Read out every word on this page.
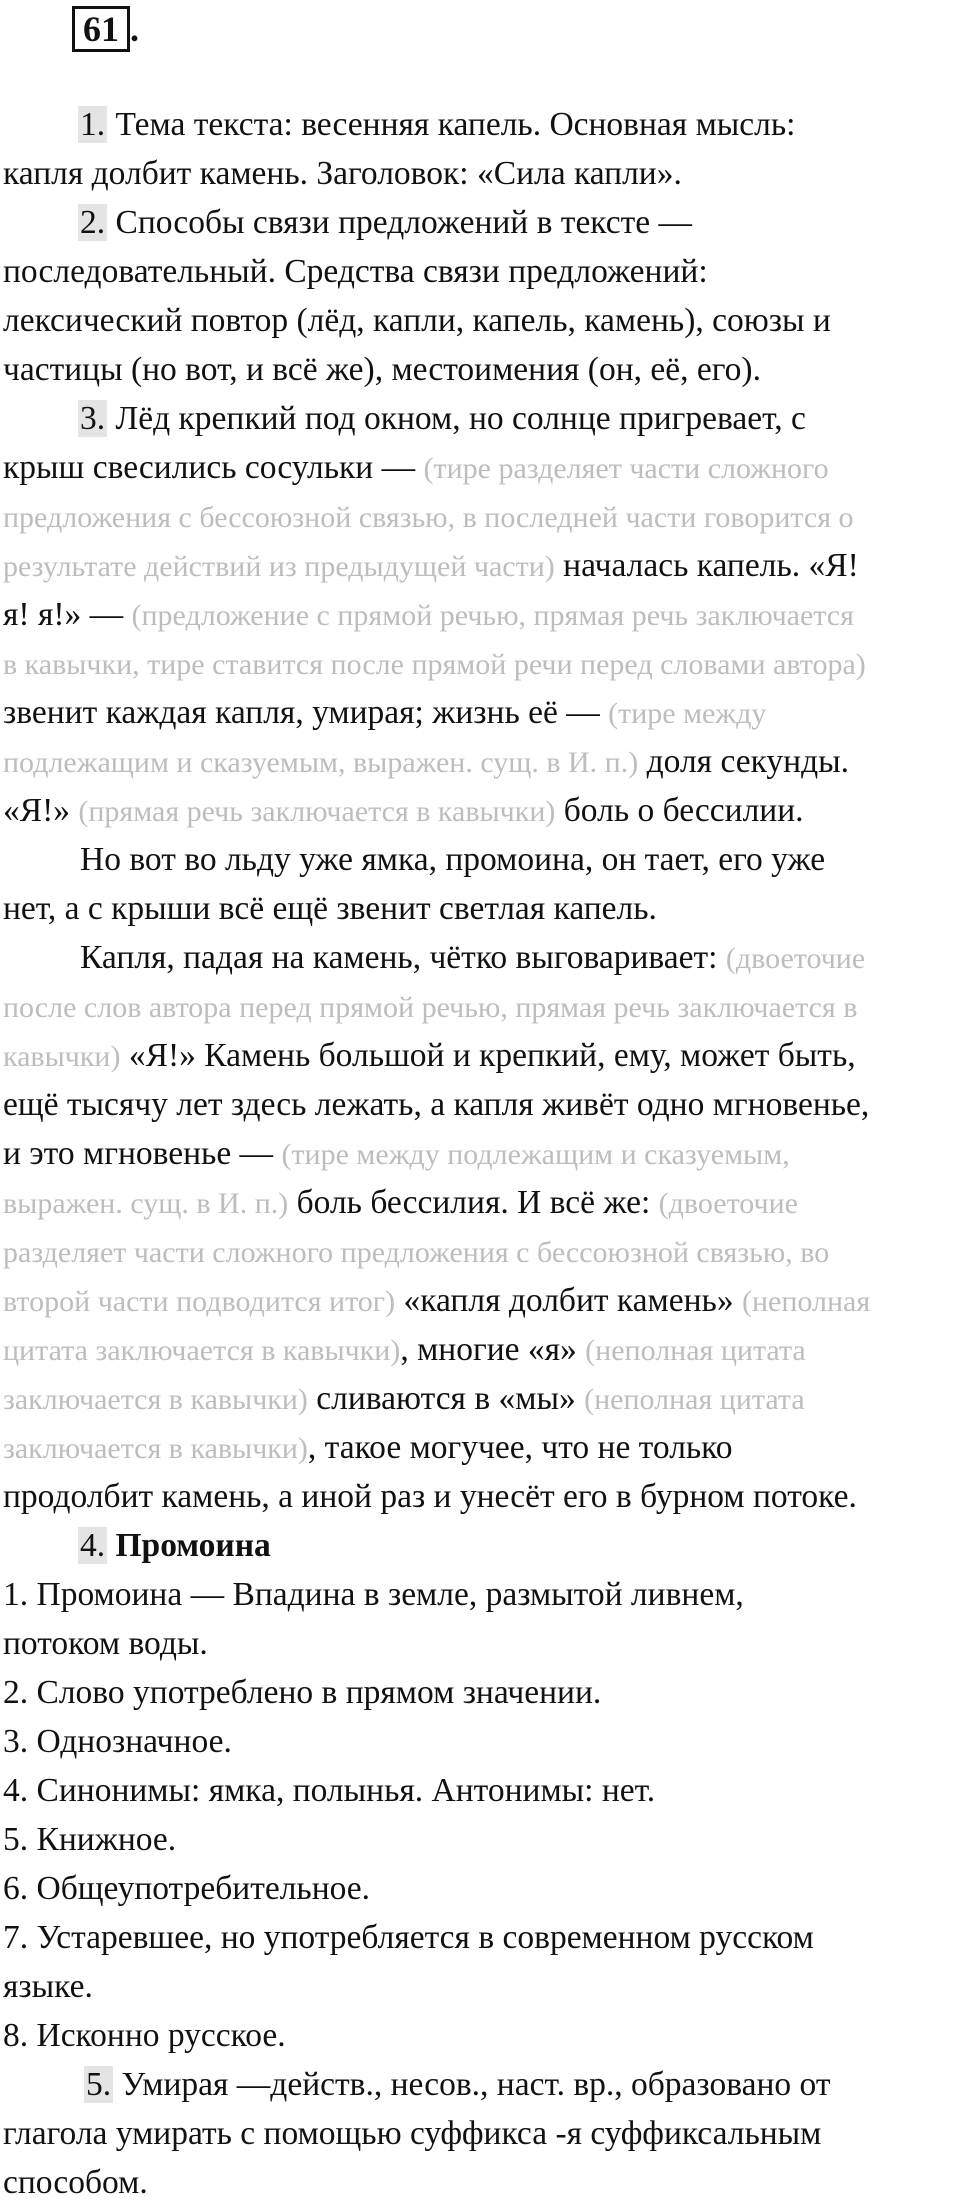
61 .
1. Тема текста: весенняя капель. Основная мысль:
капля долбит камень. Заголовок: «Сила капли».
2. Способы связи предложений в тексте —
последовательный. Средства связи предложений:
лексический повтор (лёд, капли, капель, камень), союзы и
частицы (но вот, и всё же), местоимения (он, её, его).
3. Лёд крепкий под окном, но солнце пригревает, с
крыш свесились сосульки — (тире разделяет части сложного
предложения с бессоюзной связью, в последней части говорится о
результате действий из предыдущей части) началась капель. «Я!
я! я!» — (предложение с прямой речью, прямая речь заключается
в кавычки, тире ставится после прямой речи перед словами автора)
звенит каждая капля, умирая; жизнь её — (тире между
подлежащим и сказуемым, выражен. сущ. в И. п.) доля секунды.
«Я!» (прямая речь заключается в кавычки) боль о бессилии.
Но вот во льду уже ямка, промоина, он тает, его уже
нет, а с крыши всё ещё звенит светлая капель.
Капля, падая на камень, чётко выговаривает: (двоеточие
после слов автора перед прямой речью, прямая речь заключается в
кавычки) «Я!» Камень большой и крепкий, ему, может быть,
ещё тысячу лет здесь лежать, а капля живёт одно мгновенье,
и это мгновенье — (тире между подлежащим и сказуемым,
выражен. сущ. в И. п.) боль бессилия. И всё же: (двоеточие
разделяет части сложного предложения с бессоюзной связью, во
второй части подводится итог) «капля долбит камень» (неполная
цитата заключается в кавычки), многие «я» (неполная цитата
заключается в кавычки) сливаются в «мы» (неполная цитата
заключается в кавычки), такое могучее, что не только
продолбит камень, а иной раз и унесёт его в бурном потоке.
4. Промоина
1. Промоина — Впадина в земле, размытой ливнем,
потоком воды.
2. Слово употреблено в прямом значении.
3. Однозначное.
4. Синонимы: ямка, полынья. Антонимы: нет.
5. Книжное.
6. Общеупотребительное.
7. Устаревшее, но употребляется в современном русском
языке.
8. Исконно русское.
5. Умирая —действ., несов., наст. вр., образовано от
глагола умирать с помощью суффикса -я суффиксальным
способом.
